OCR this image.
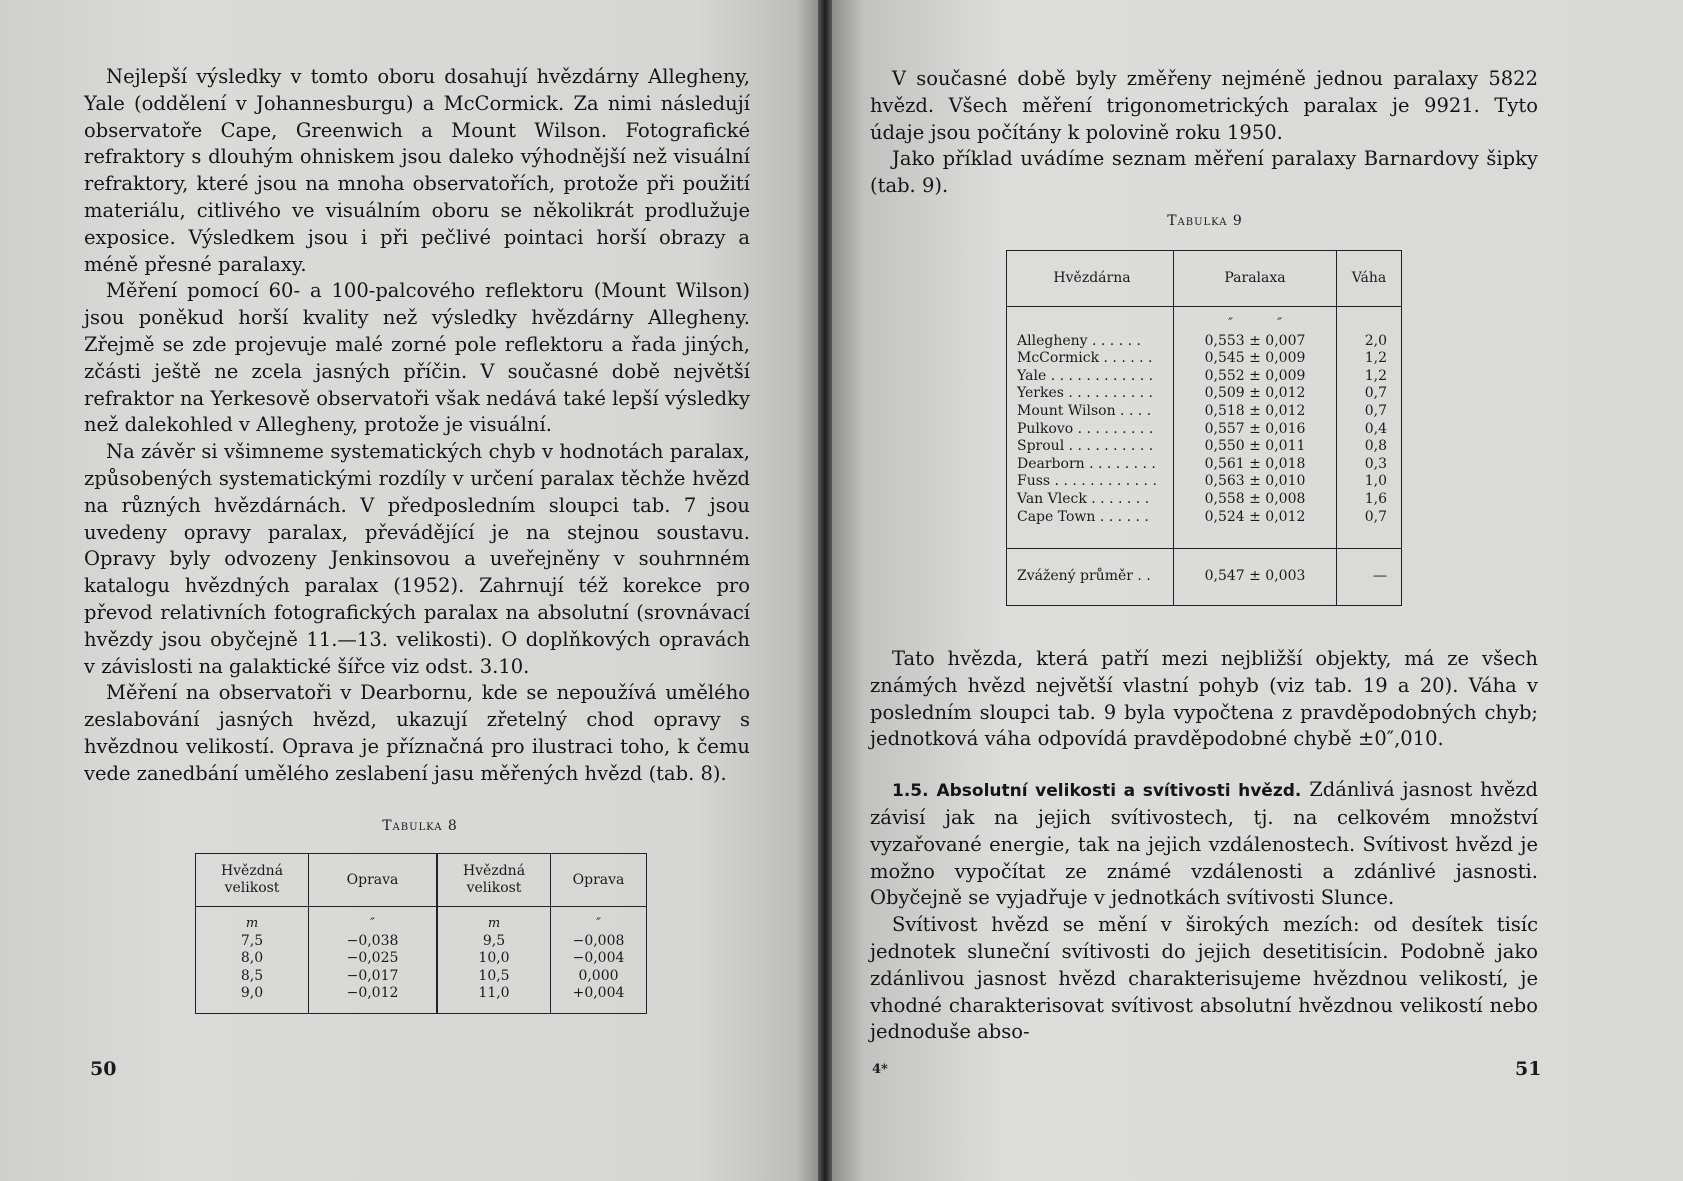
Nejlepší výsledky v tomto oboru dosahují hvězdárny Allegheny, Yale (oddělení v Johannesburgu) a McCormick. Za nimi následují observatoře Cape, Greenwich a Mount Wilson. Fotografické refraktory s dlouhým ohniskem jsou daleko výhodnější než visuální refraktory, které jsou na mnoha observatořích, protože při použití materiálu, citlivého ve visuálním oboru se několikrát prodlužuje exposice. Výsledkem jsou i při pečlivé pointaci horší obrazy a méně přesné paralaxy.

Měření pomocí 60- a 100-palcového reflektoru (Mount Wilson) jsou poněkud horší kvality než výsledky hvězdárny Allegheny. Zřejmě se zde projevuje malé zorné pole reflektoru a řada jiných, zčásti ještě ne zcela jasných příčin. V současné době největší refraktor na Yerkesově observatoři však nedává také lepší výsledky než dalekohled v Allegheny, protože je visuální.

Na závěr si všimneme systematických chyb v hodnotách paralax, způsobených systematickými rozdíly v určení paralax těchže hvězd na různých hvězdárnách. V předposledním sloupci tab. 7 jsou uvedeny opravy paralax, převádějící je na stejnou soustavu. Opravy byly odvozeny Jenkinsovou a uveřejněny v souhrnném katalogu hvězdných paralax (1952). Zahrnují též korekce pro převod relativních fotografických paralax na absolutní (srovnávací hvězdy jsou obyčejně 11.—13. velikosti). O doplňkových opravách v závislosti na galaktické šířce viz odst. 3.10.

Měření na observatoři v Dearbornu, kde se nepoužívá umělého zeslabování jasných hvězd, ukazují zřetelný chod opravy s hvězdnou velikostí. Oprava je příznačná pro ilustraci toho, k čemu vede zanedbání umělého zeslabení jasu měřených hvězd (tab. 8).

Tabulka 8
Hvězdná velikost	Oprava	Hvězdná velikost	Oprava
m	″	m	″
7,5	−0,038	9,5	−0,008
8,0	−0,025	10,0	−0,004
8,5	−0,017	10,5	0,000
9,0	−0,012	11,0	+0,004
50

V současné době byly změřeny nejméně jednou paralaxy 5822 hvězd. Všech měření trigonometrických paralax je 9921. Tyto údaje jsou počítány k polovině roku 1950.

Jako příklad uvádíme seznam měření paralaxy Barnardovy šipky (tab. 9).

Tabulka 9
Hvězdárna	Paralaxa	Váha
	″ ″	
Allegheny . . . . . .	0,553 ± 0,007	2,0
McCormick . . . . . .	0,545 ± 0,009	1,2
Yale . . . . . . . . . . . .	0,552 ± 0,009	1,2
Yerkes . . . . . . . . . .	0,509 ± 0,012	0,7
Mount Wilson . . . .	0,518 ± 0,012	0,7
Pulkovo . . . . . . . . .	0,557 ± 0,016	0,4
Sproul . . . . . . . . . .	0,550 ± 0,011	0,8
Dearborn . . . . . . . .	0,561 ± 0,018	0,3
Fuss . . . . . . . . . . . .	0,563 ± 0,010	1,0
Van Vleck . . . . . . .	0,558 ± 0,008	1,6
Cape Town . . . . . .	0,524 ± 0,012	0,7
Zvážený průměr . .	0,547 ± 0,003	—

Tato hvězda, která patří mezi nejbližší objekty, má ze všech známých hvězd největší vlastní pohyb (viz tab. 19 a 20). Váha v posledním sloupci tab. 9 byla vypočtena z pravděpodobných chyb; jednotková váha odpovídá pravděpodobné chybě ±0″,010.

1.5. Absolutní velikosti a svítivosti hvězd. Zdánlivá jasnost hvězd závisí jak na jejich svítivostech, tj. na celkovém množství vyzařované energie, tak na jejich vzdálenostech. Svítivost hvězd je možno vypočítat ze známé vzdálenosti a zdánlivé jasnosti. Obyčejně se vyjadřuje v jednotkách svítivosti Slunce.

Svítivost hvězd se mění v širokých mezích: od desítek tisíc jednotek sluneční svítivosti do jejich desetitisícin. Podobně jako zdánlivou jasnost hvězd charakterisujeme hvězdnou velikostí, je vhodné charakterisovat svítivost absolutní hvězdnou velikostí nebo jednoduše abso-

4*	51
